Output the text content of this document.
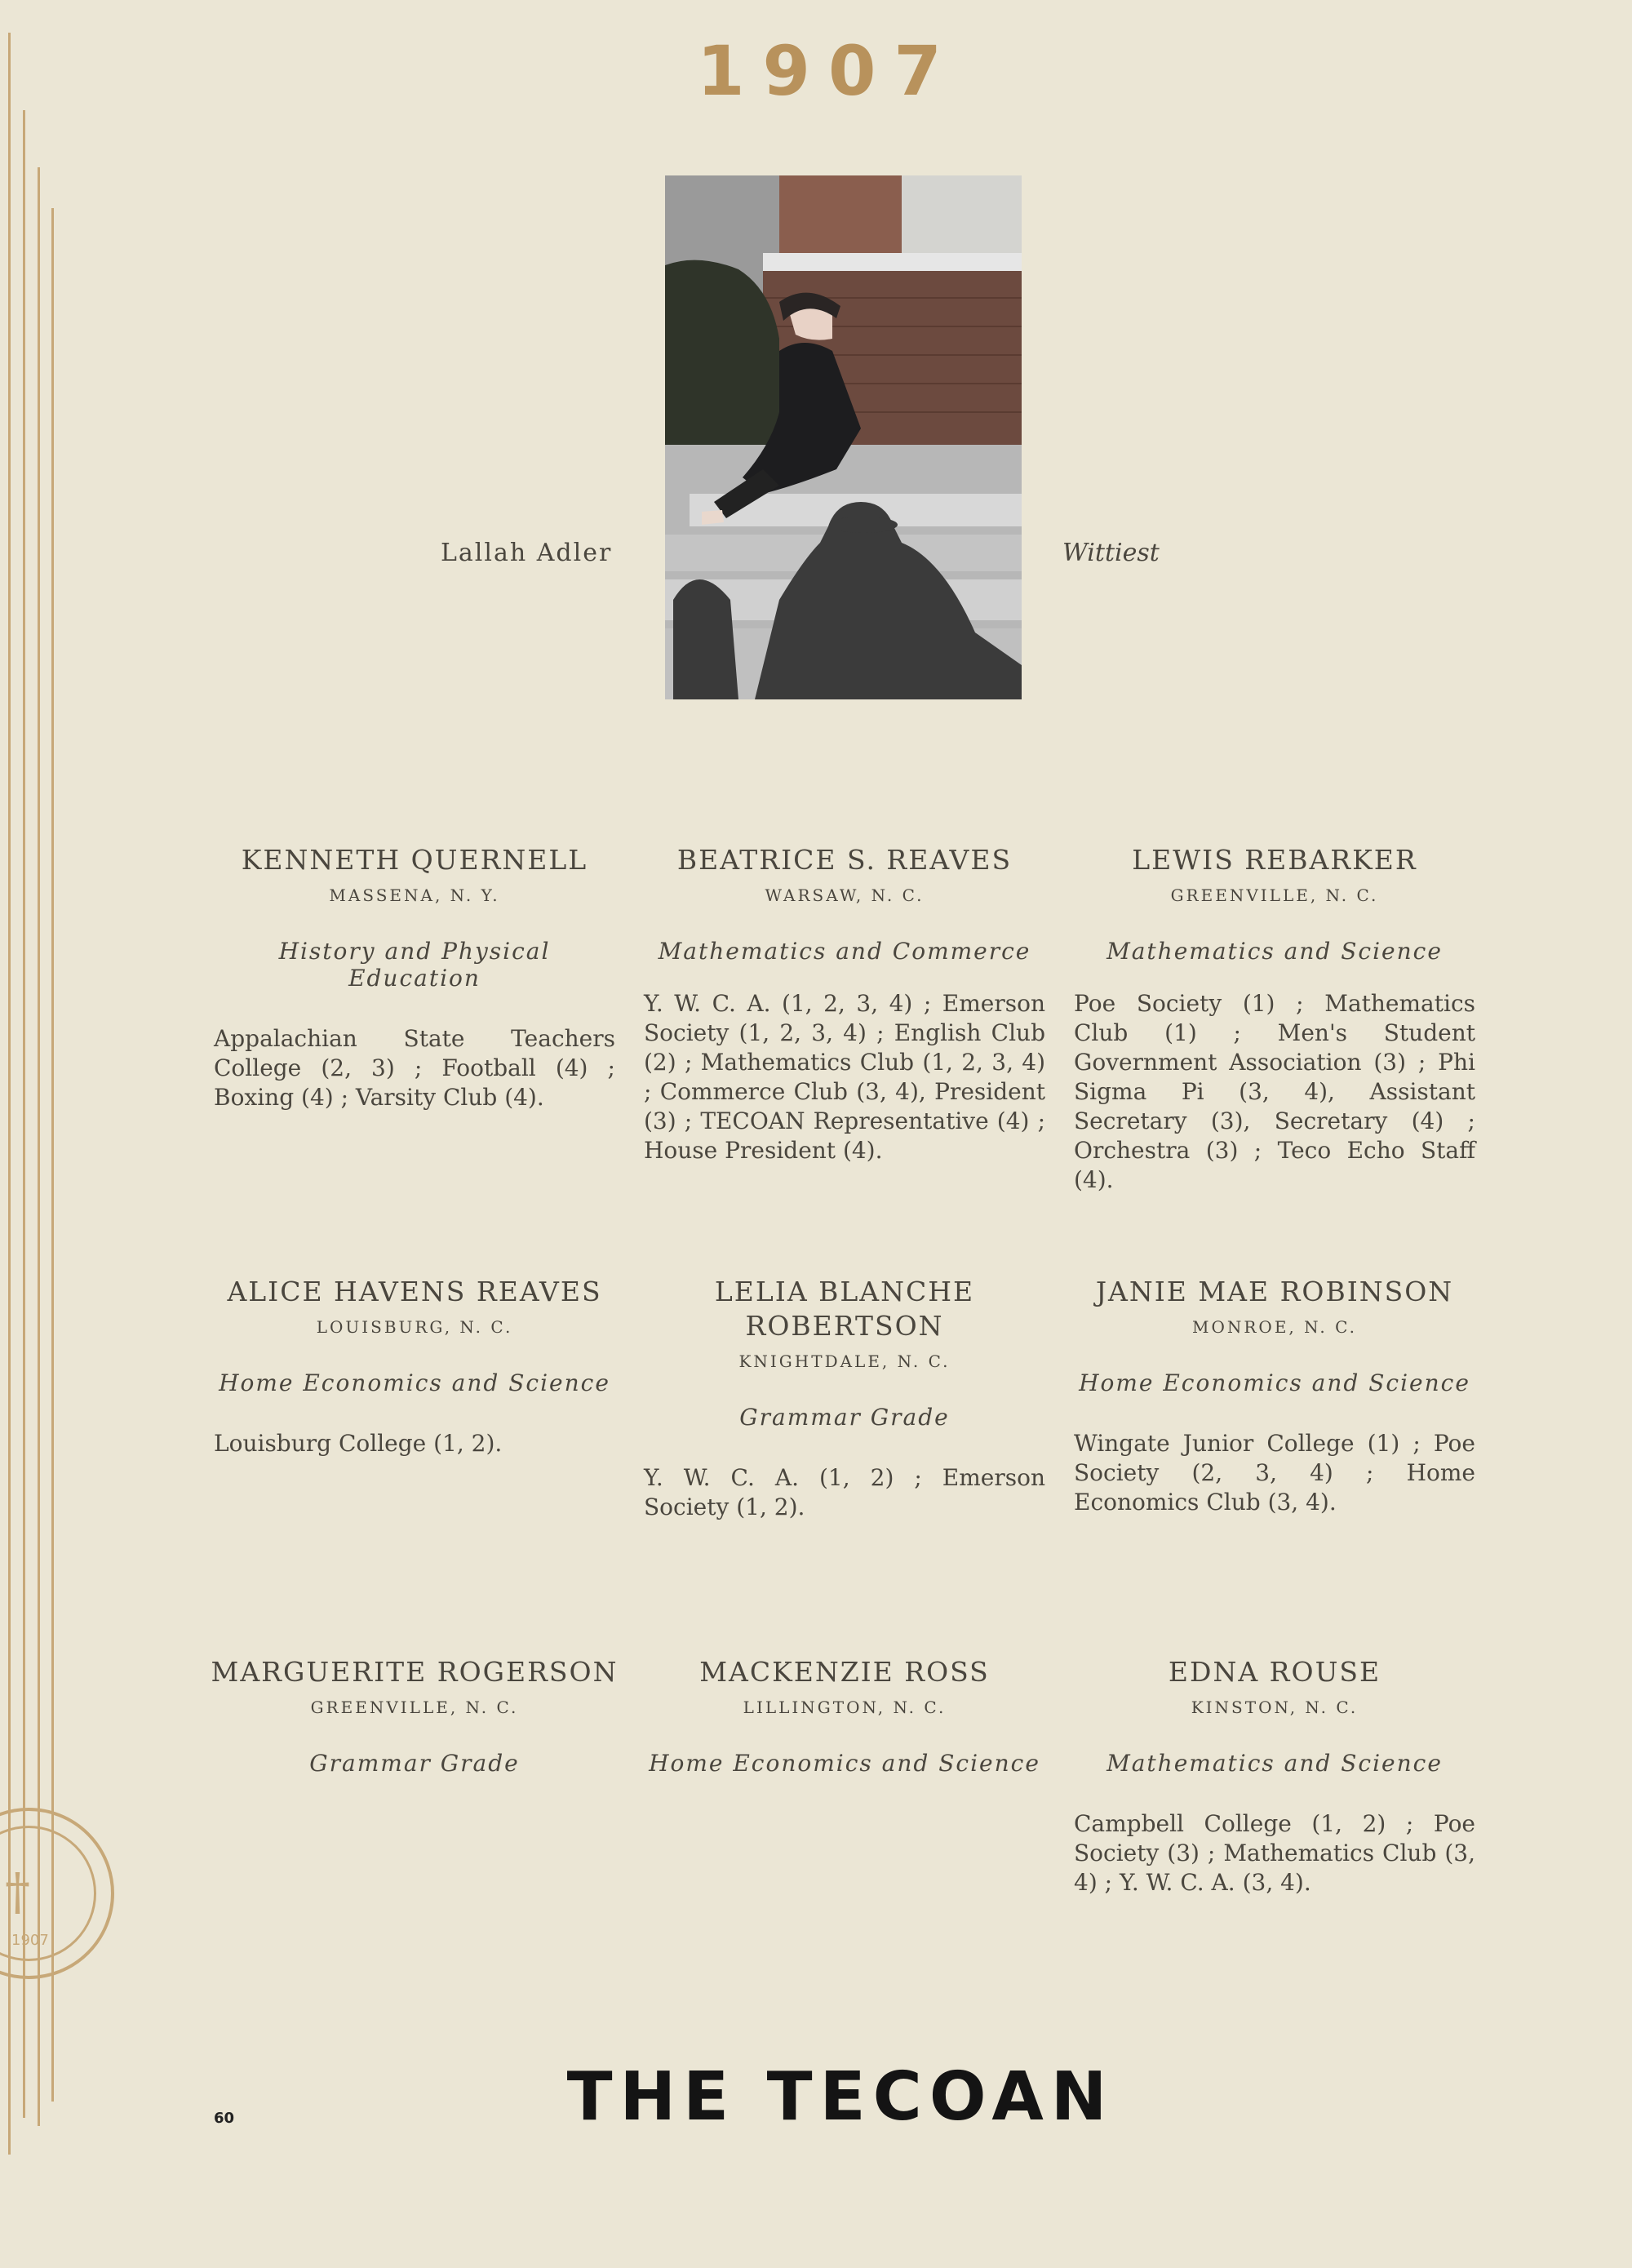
†
1907
1907
Lallah Adler	Wittiest
KENNETH QUERNELL
MASSENA, N. Y.
History and Physical Education
Appalachian State Teachers College (2, 3) ; Football (4) ; Boxing (4) ; Varsity Club (4).
BEATRICE S. REAVES
WARSAW, N. C.
Mathematics and Commerce
Y. W. C. A. (1, 2, 3, 4) ; Emerson Society (1, 2, 3, 4) ; English Club (2) ; Mathematics Club (1, 2, 3, 4) ; Commerce Club (3, 4), President (3) ; TECOAN Representative (4) ; House President (4).
LEWIS REBARKER
GREENVILLE, N. C.
Mathematics and Science
Poe Society (1) ; Mathematics Club (1) ; Men's Student Government Association (3) ; Phi Sigma Pi (3, 4), Assistant Secretary (3), Secretary (4) ; Orchestra (3) ; Teco Echo Staff (4).
ALICE HAVENS REAVES
LOUISBURG, N. C.
Home Economics and Science
Louisburg College (1, 2).
LELIA BLANCHE ROBERTSON
KNIGHTDALE, N. C.
Grammar Grade
Y. W. C. A. (1, 2) ; Emerson Society (1, 2).
JANIE MAE ROBINSON
MONROE, N. C.
Home Economics and Science
Wingate Junior College (1) ; Poe Society (2, 3, 4) ; Home Economics Club (3, 4).
MARGUERITE ROGERSON
GREENVILLE, N. C.
Grammar Grade
MACKENZIE ROSS
LILLINGTON, N. C.
Home Economics and Science
EDNA ROUSE
KINSTON, N. C.
Mathematics and Science
Campbell College (1, 2) ; Poe Society (3) ; Mathematics Club (3, 4) ; Y. W. C. A. (3, 4).
60	THE TECOAN
